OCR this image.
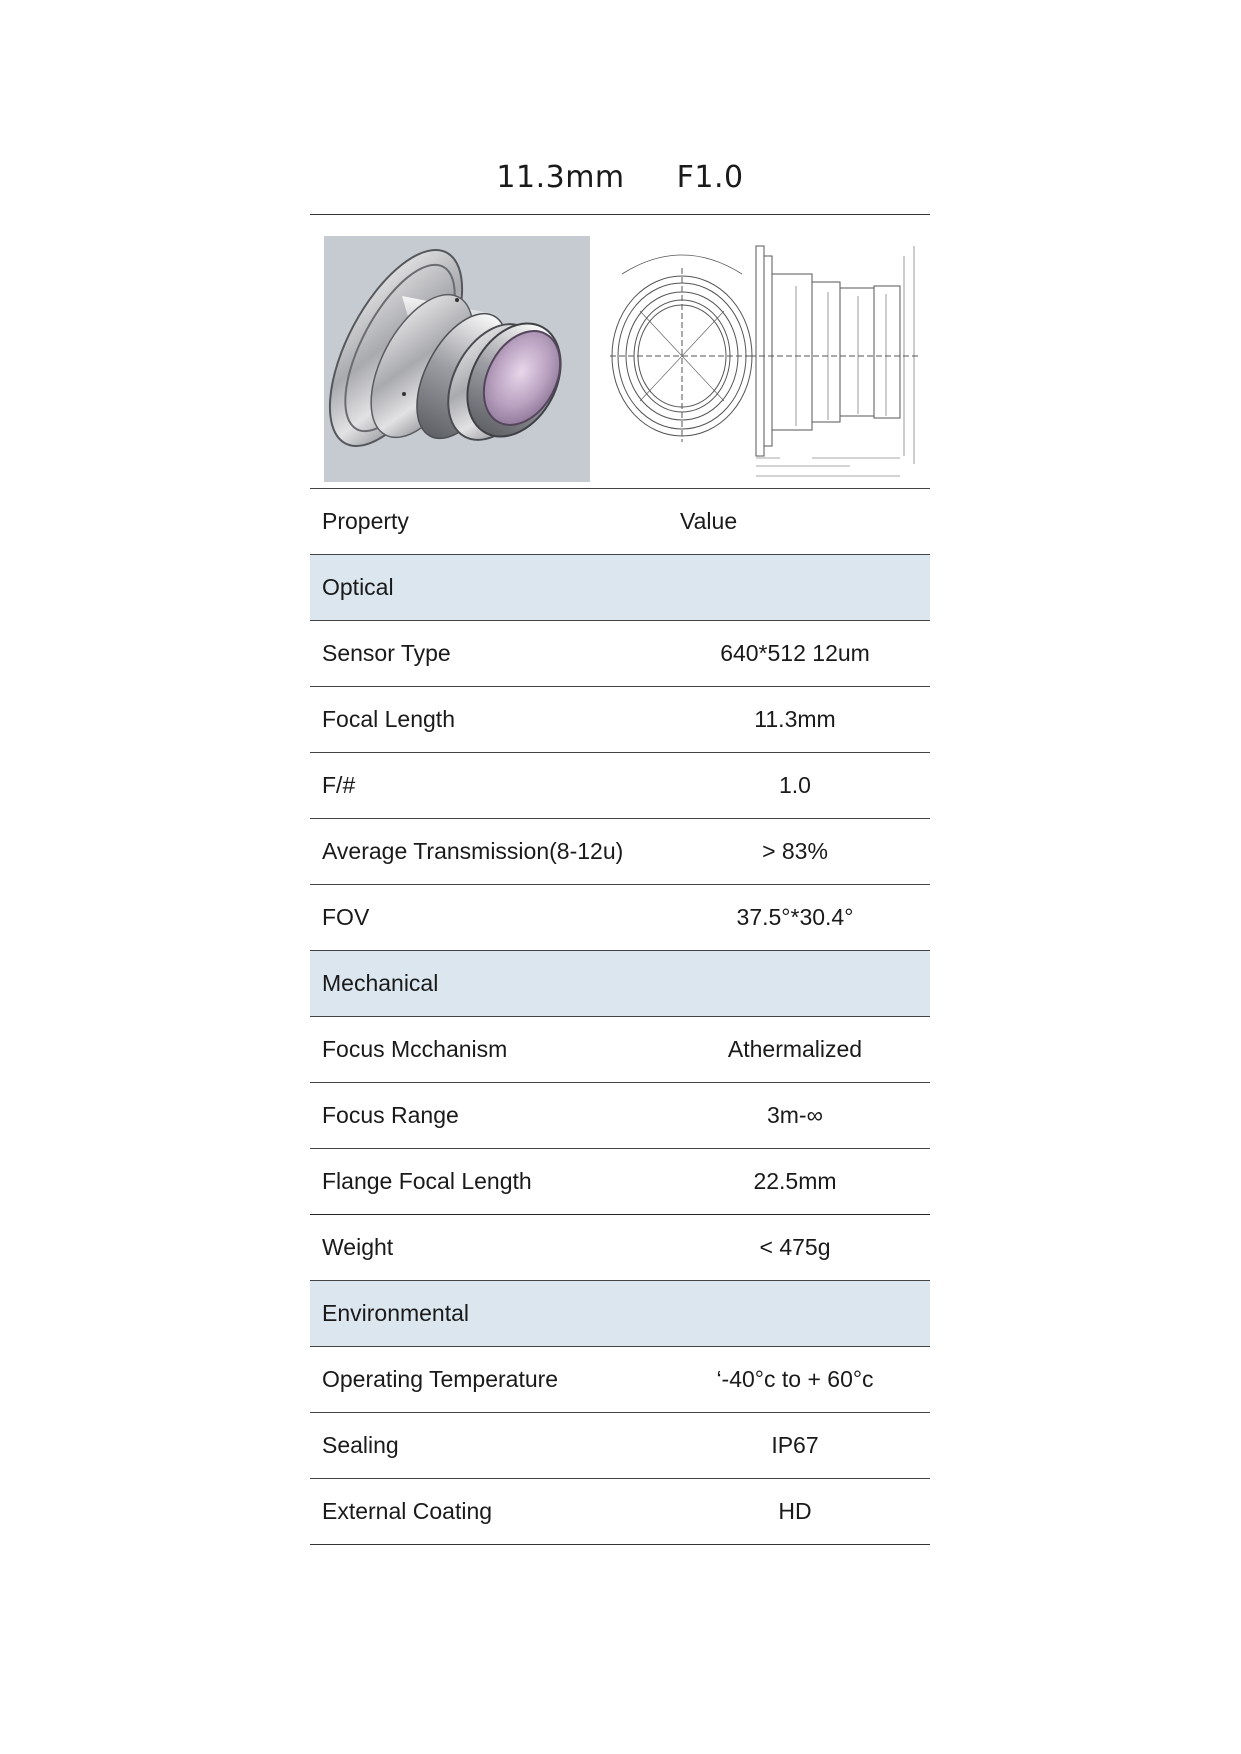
11.3mm F1.0
Property	Value
Optical	
Sensor Type	640*512 12um
Focal Length	11.3mm
F/#	1.0
Average Transmission(8-12u)	> 83%
FOV	37.5°*30.4°
Mechanical	
Focus Mcchanism	Athermalized
Focus Range	3m-∞
Flange Focal Length	22.5mm
Weight	< 475g
Environmental	
Operating Temperature	‘-40°c to + 60°c
Sealing	IP67
External Coating	HD
